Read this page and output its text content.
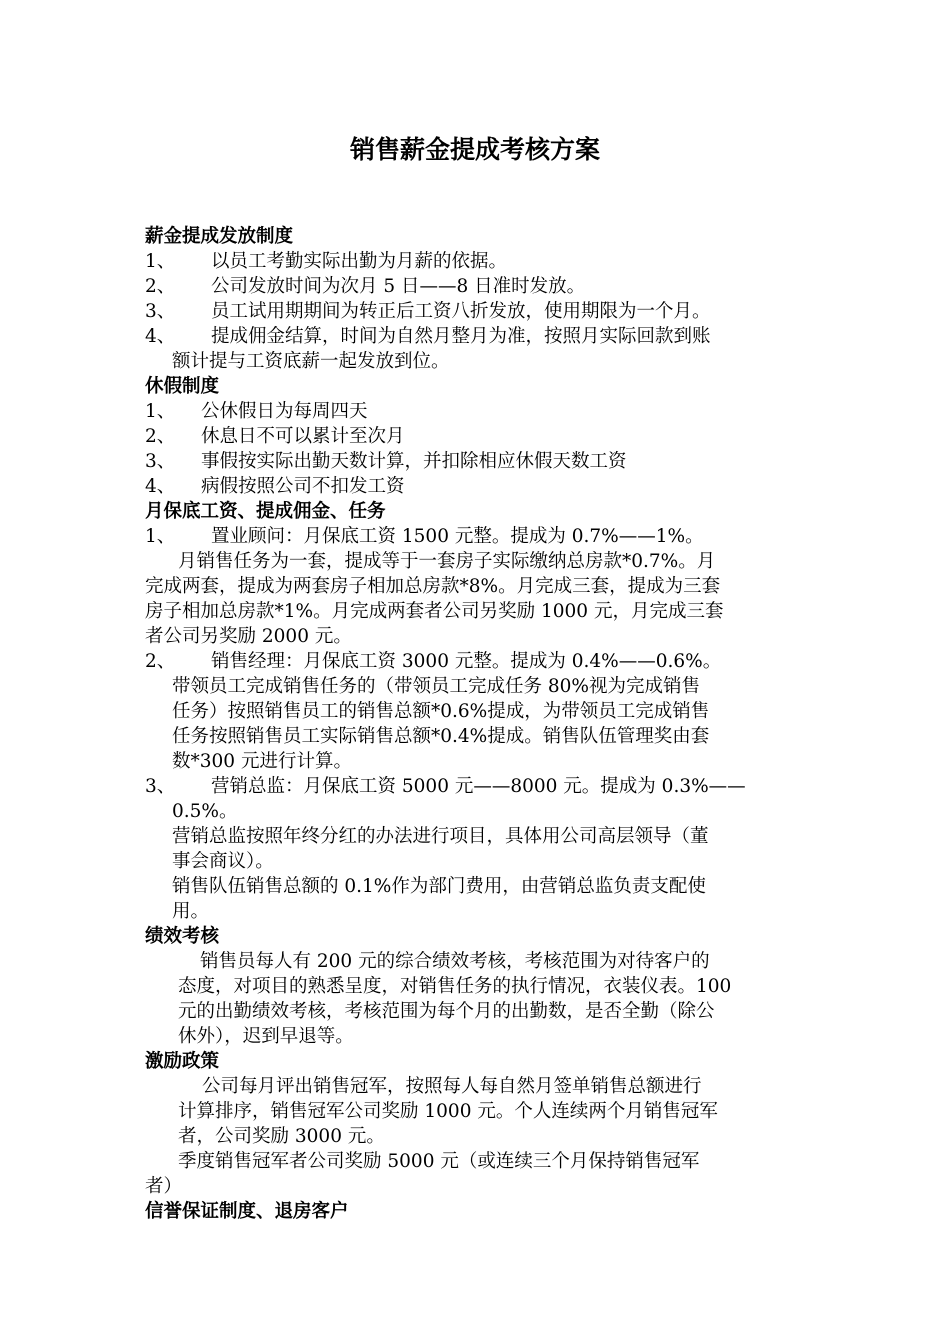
销售薪金提成考核方案
薪金提成发放制度
1、 以员工考勤实际出勤为月薪的依据。
2、 公司发放时间为次月 5 日——8 日准时发放。
3、 员工试用期期间为转正后工资八折发放，使用期限为一个月。
4、 提成佣金结算，时间为自然月整月为准，按照月实际回款到账
额计提与工资底薪一起发放到位。
休假制度
1、 公休假日为每周四天
2、 休息日不可以累计至次月
3、 事假按实际出勤天数计算，并扣除相应休假天数工资
4、 病假按照公司不扣发工资
月保底工资、提成佣金、任务
1、 置业顾问：月保底工资 1500 元整。提成为 0.7%——1%。
月销售任务为一套，提成等于一套房子实际缴纳总房款*0.7%。月
完成两套，提成为两套房子相加总房款*8%。月完成三套，提成为三套
房子相加总房款*1%。月完成两套者公司另奖励 1000 元，月完成三套
者公司另奖励 2000 元。
2、 销售经理：月保底工资 3000 元整。提成为 0.4%——0.6%。
带领员工完成销售任务的（带领员工完成任务 80%视为完成销售
任务）按照销售员工的销售总额*0.6%提成，为带领员工完成销售
任务按照销售员工实际销售总额*0.4%提成。销售队伍管理奖由套
数*300 元进行计算。
3、 营销总监：月保底工资 5000 元——8000 元。提成为 0.3%——
0.5%。
营销总监按照年终分红的办法进行项目，具体用公司高层领导（董
事会商议）。
销售队伍销售总额的 0.1%作为部门费用，由营销总监负责支配使
用。
绩效考核
销售员每人有 200 元的综合绩效考核，考核范围为对待客户的
态度，对项目的熟悉呈度，对销售任务的执行情况，衣装仪表。100
元的出勤绩效考核，考核范围为每个月的出勤数，是否全勤（除公
休外），迟到早退等。
激励政策
公司每月评出销售冠军，按照每人每自然月签单销售总额进行
计算排序，销售冠军公司奖励 1000 元。个人连续两个月销售冠军
者，公司奖励 3000 元。
季度销售冠军者公司奖励 5000 元（或连续三个月保持销售冠军
者）
信誉保证制度、退房客户
